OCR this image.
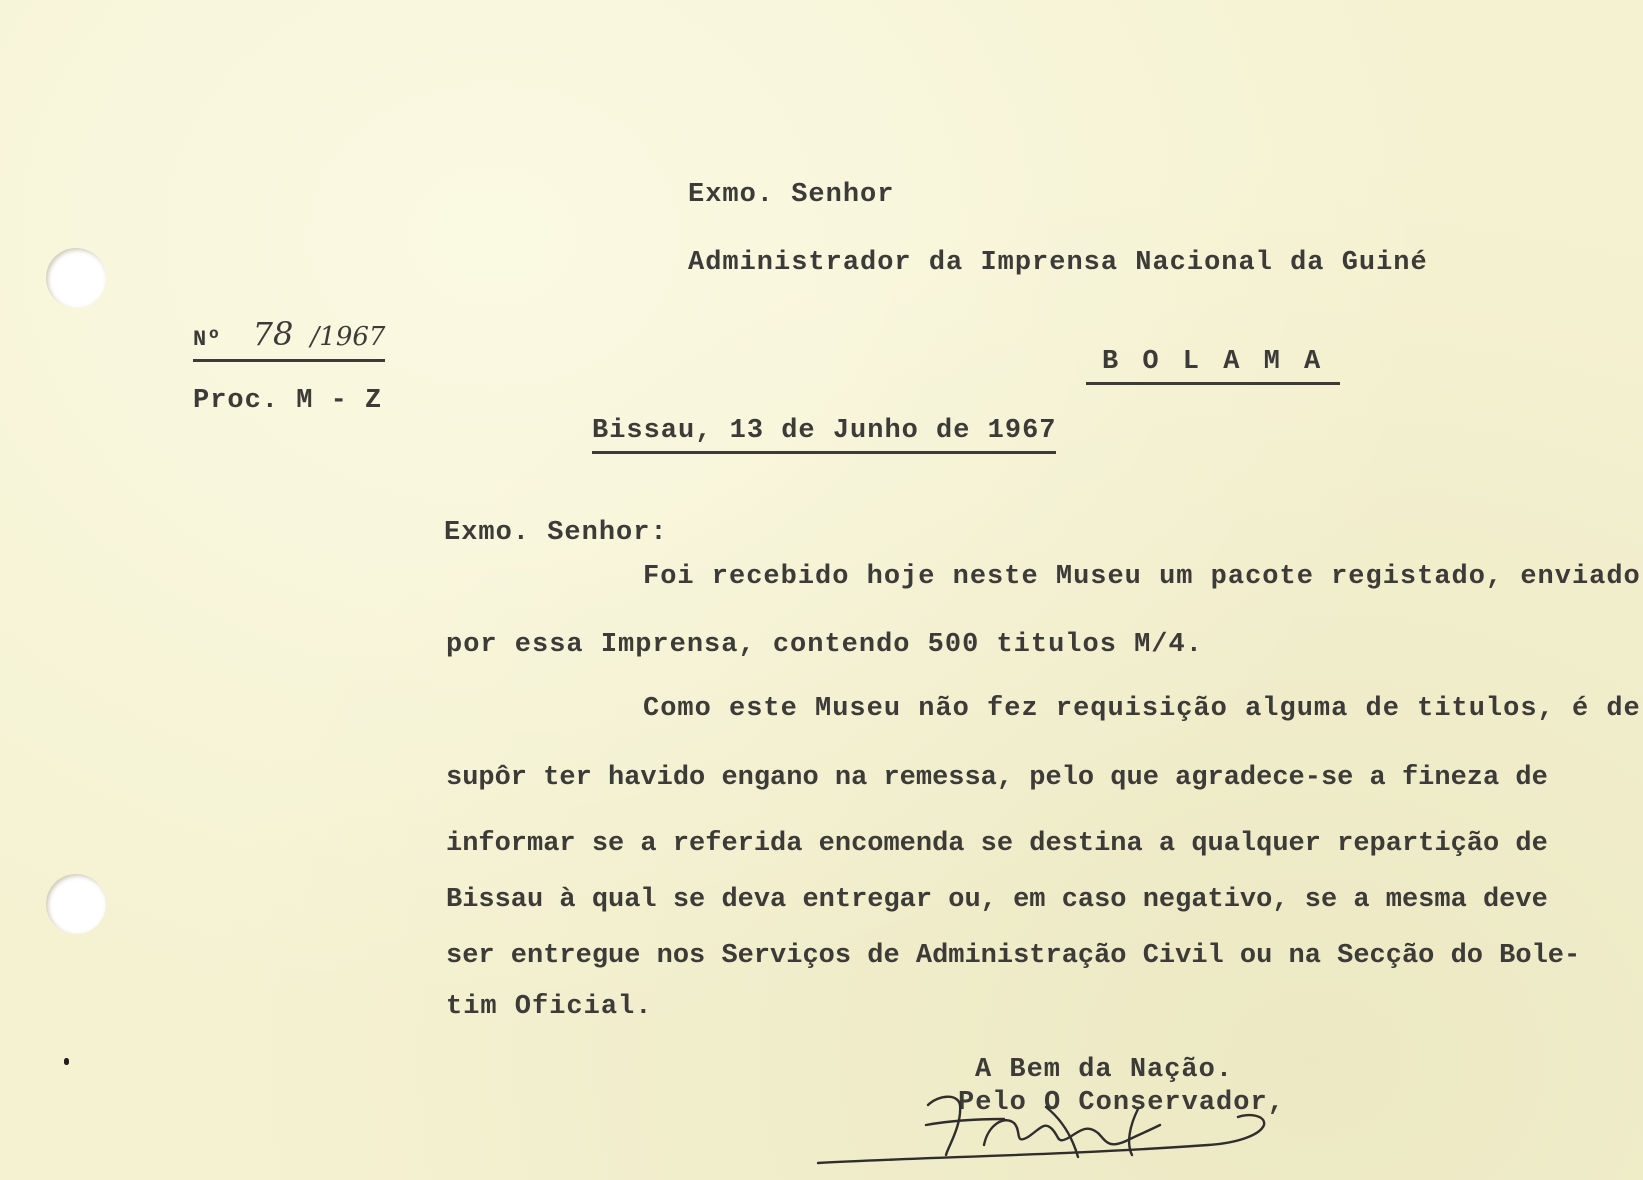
Exmo. Senhor
Administrador da Imprensa Nacional da Guiné
B O L A M A
Nº 78 /1967
Proc. M - Z
Bissau, 13 de Junho de 1967
Exmo. Senhor:
Foi recebido hoje neste Museu um pacote registado, enviado
por essa Imprensa, contendo 500 titulos M/4.
Como este Museu não fez requisição alguma de titulos, é de
supôr ter havido engano na remessa, pelo que agradece-se a fineza de
informar se a referida encomenda se destina a qualquer repartição de
Bissau à qual se deva entregar ou, em caso negativo, se a mesma deve
ser entregue nos Serviços de Administração Civil ou na Secção do Bole-
tim Oficial.
A Bem da Nação.
Pelo O Conservador,
